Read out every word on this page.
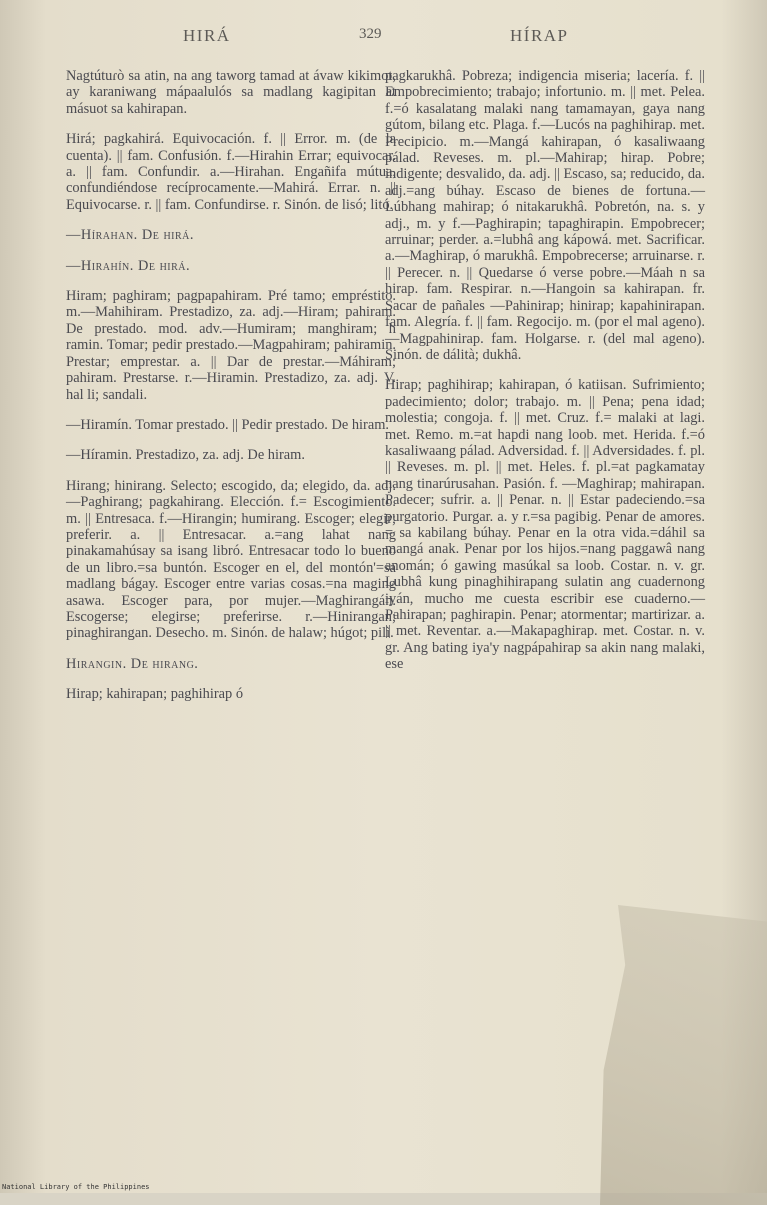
HIRÁ	329	HÍRAP

Nagtútuɾò sa atin, na ang taworg tamad at ávaw kikimot, ay karaniwang mápaalulós sa madlang kagipitan at másuot sa kahirapan.

Hirá; pagkahirá. Equivocación. f. || Error. m. (de la cuenta). || fam. Confusión. f.—Hirahin Errar; equivocar. a. || fam. Confundir. a.—Hirahan. Engañifa mútua, confundiéndose recíprocamente.—Mahirá. Errar. n. || Equivocarse. r. || fam. Confundirse. r. Sinón. de lisó; litó.

—Hírahan. De hirá.

—Hirahín. De hirá.

Hiram; paghiram; pagpapahiram. Pré tamo; empréstito. m.—Mahihiram. Prestadizo, za. adj.—Hiram; pahiram. De prestado. mod. adv.—Humiram; manghiram; h ramin. Tomar; pedir prestado.—Magpahiram; pahiramin. Prestar; emprestar. a. || Dar de prestar.—Máhiram; pahiram. Prestarse. r.—Hiramin. Prestadizo, za. adj. V. hal li; sandali.

—Hiramín. Tomar prestado. || Pedir prestado. De hiram.

—Híramin. Prestadizo, za. adj. De hiram.

Hirang; hinirang. Selecto; escogido, da; elegido, da. adj.—Paghirang; pagkahirang. Elección. f.= Escogimiento. m. || Entresaca. f.—Hirangin; humirang. Escoger; elegir; preferir. a. || Entresacar. a.=ang lahat nang pinakamahúsay sa isang libró. Entresacar todo lo bueno de un libro.=sa buntón. Escoger en el, del montón'=sa madlang bágay. Escoger entre varias cosas.=na maging asawa. Escoger para, por mujer.—Maghirangán. Escogerse; elegirse; preferirse. r.—Hinirangan; pinaghirangan. Desecho. m. Sinón. de halaw; húgot; pilì.

Hirangin. De hirang.

Hirap; kahirapan; paghihirap ó

pagkarukhâ. Pobreza; indigencia miseria; lacería. f. || Empobrecimiento; trabajo; infortunio. m. || met. Pelea. f.=ó kasalatang malaki nang tamamayan, gaya nang gútom, bilang etc. Plaga. f.—Lucós na paghihirap. met. Precipicio. m.—Mangá kahirapan, ó kasaliwaang pálad. Reveses. m. pl.—Mahirap; hirap. Pobre; indigente; desvalido, da. adj. || Escaso, sa; reducido, da. adj.=ang búhay. Escaso de bienes de fortuna.—Lúbhang mahirap; ó nitakarukhâ. Pobretón, na. s. y adj., m. y f.—Paghirapin; tapaghirapin. Empobrecer; arruinar; perder. a.=lubhâ ang kápowá. met. Sacrificar. a.—Maghirap, ó marukhâ. Empobrecerse; arruinarse. r. || Perecer. n. || Quedarse ó verse pobre.—Máah n sa hirap. fam. Respirar. n.—Hangoin sa kahirapan. fr. Sacar de pañales —Pahinirap; hinirap; kapahinirapan. fam. Alegría. f. || fam. Regocijo. m. (por el mal ageno).—Magpahinirap. fam. Holgarse. r. (del mal ageno). Sinón. de dálità; dukhâ.

Hirap; paghihirap; kahirapan, ó katiisan. Sufrimiento; padecimiento; dolor; trabajo. m. || Pena; pena idad; molestia; congoja. f. || met. Cruz. f.= malaki at lagi. met. Remo. m.=at hapdi nang loob. met. Herida. f.=ó kasaliwaang pálad. Adversidad. f. || Adversidades. f. pl. || Reveses. m. pl. || met. Heles. f. pl.=at pagkamatay nang tinarúrusahan. Pasión. f. —Maghirap; mahirapan. Padecer; sufrir. a. || Penar. n. || Estar padeciendo.=sa purgatorio. Purgar. a. y r.=sa pagibig. Penar de amores. = sa kabilang búhay. Penar en la otra vida.=dáhil sa mangá anak. Penar por los hijos.=nang paggawâ nang anomán; ó gawing masúkal sa loob. Costar. n. v. gr. Lubhâ kung pinaghihirapang sulatin ang cuadernong iyán, mucho me cuesta escribir ese cuaderno.—Pahirapan; paghirapin. Penar; atormentar; martirizar. a. || met. Reventar. a.—Makapaghirap. met. Costar. n. v. gr. Ang bating iya'y nagpápahirap sa akin nang malaki, ese

National Library of the Philippines
